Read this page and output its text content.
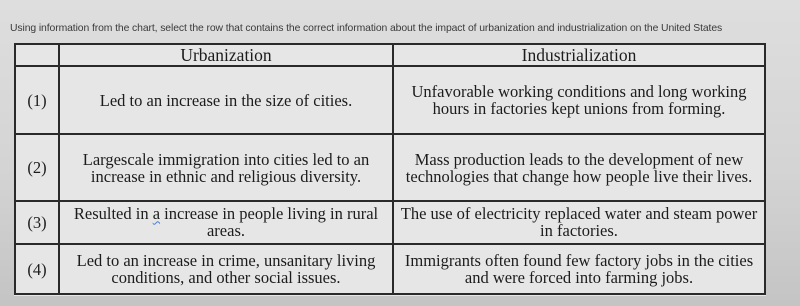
Using information from the chart, select the row that contains the correct information about the impact of urbanization and industrialization on the United States
	Urbanization	Industrialization
(1)	Led to an increase in the size of cities.	Unfavorable working conditions and long working hours in factories kept unions from forming.
(2)	Largescale immigration into cities led to an increase in ethnic and religious diversity.	Mass production leads to the development of new technologies that change how people live their lives.
(3)	Resulted in a increase in people living in rural areas.	The use of electricity replaced water and steam power in factories.
(4)	Led to an increase in crime, unsanitary living conditions, and other social issues.	Immigrants often found few factory jobs in the cities and were forced into farming jobs.
